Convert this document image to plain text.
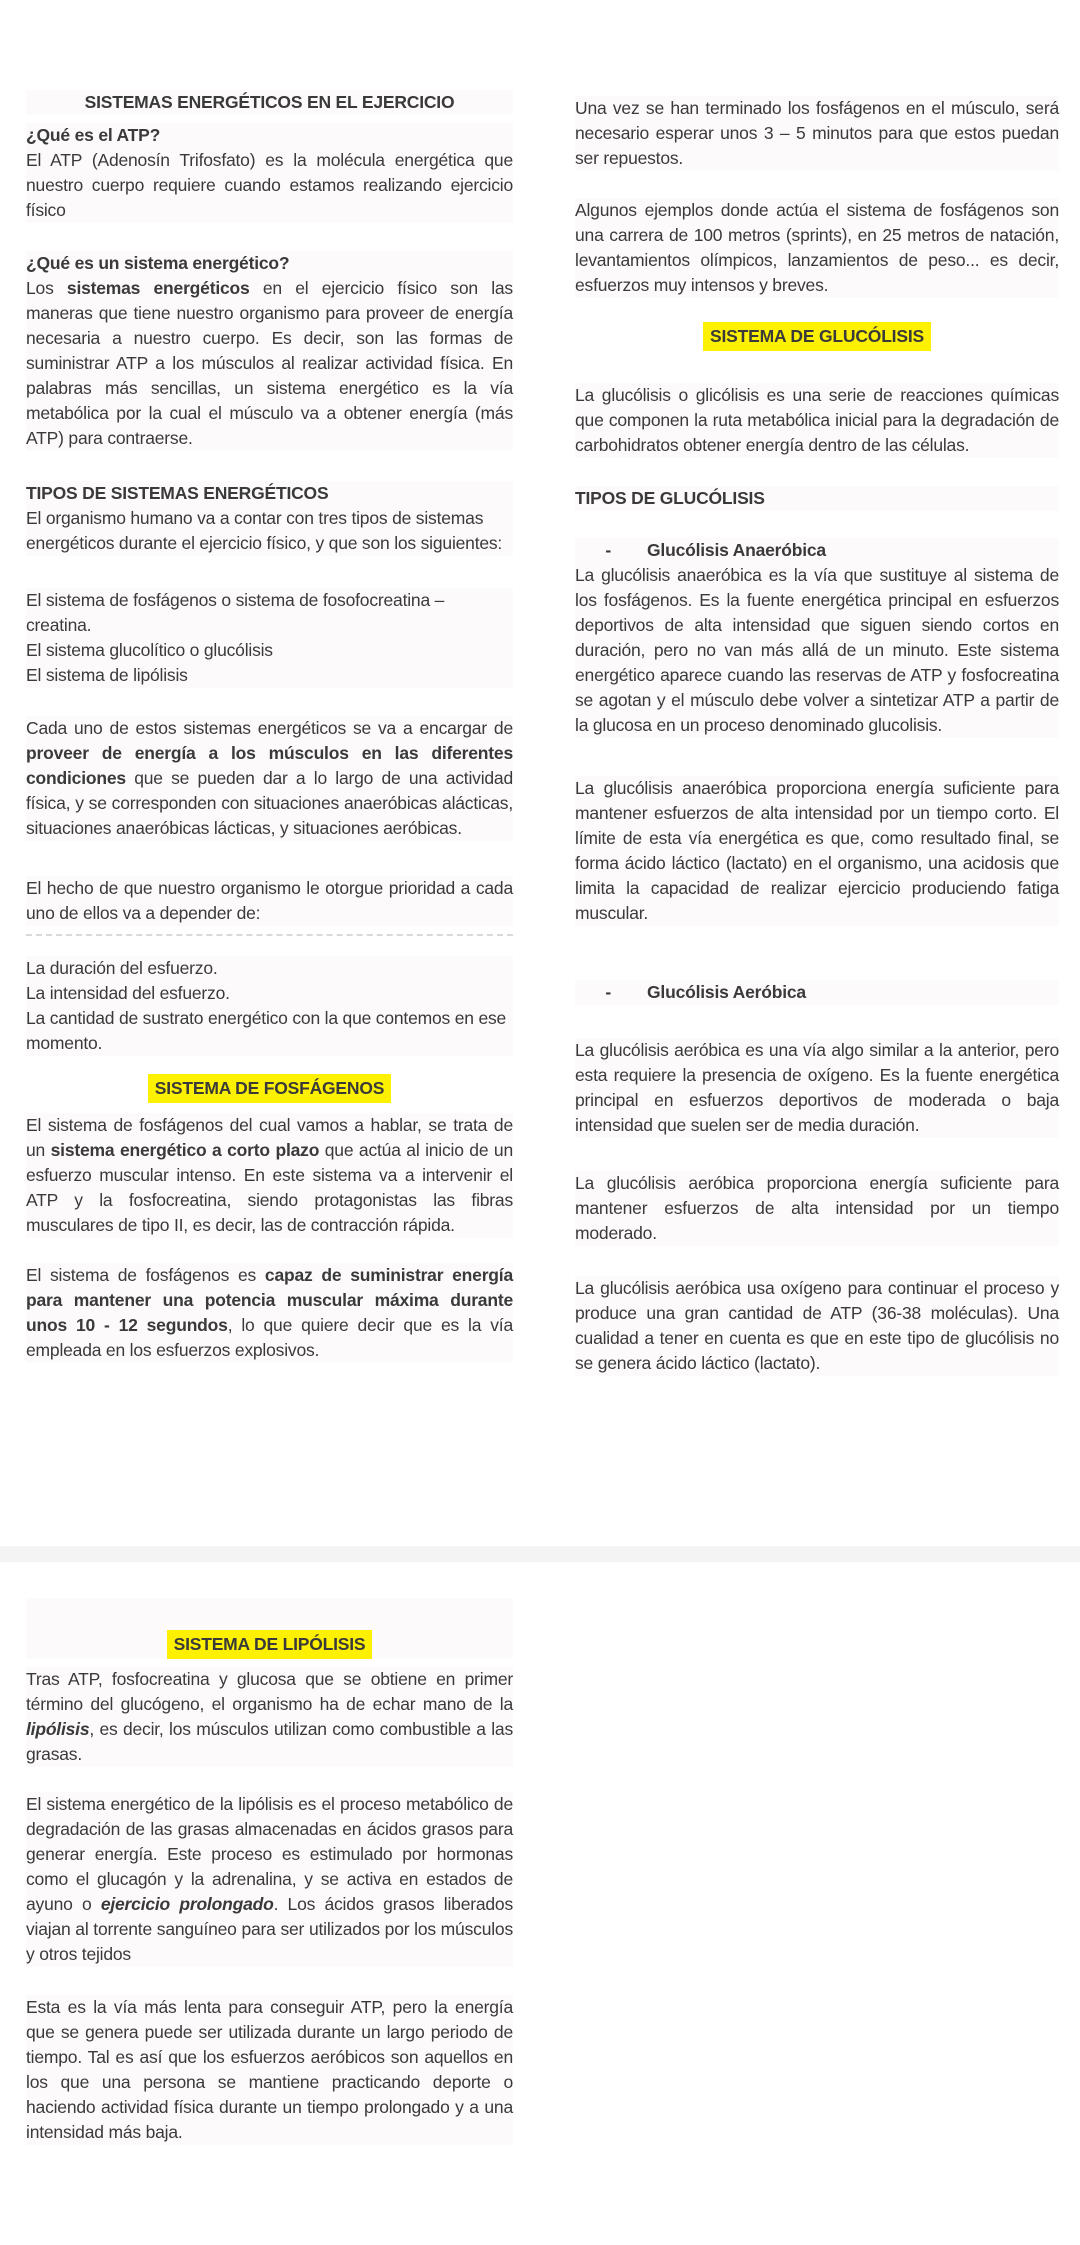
SISTEMAS ENERGÉTICOS EN EL EJERCICIO
¿Qué es el ATP?

El ATP (Adenosín Trifosfato) es la molécula energética que nuestro cuerpo requiere cuando estamos realizando ejercicio físico

¿Qué es un sistema energético?

Los sistemas energéticos en el ejercicio físico son las maneras que tiene nuestro organismo para proveer de energía necesaria a nuestro cuerpo. Es decir, son las formas de suministrar ATP a los músculos al realizar actividad física. En palabras más sencillas, un sistema energético es la vía metabólica por la cual el músculo va a obtener energía (más ATP) para contraerse.

TIPOS DE SISTEMAS ENERGÉTICOS

El organismo humano va a contar con tres tipos de sistemas energéticos durante el ejercicio físico, y que son los siguientes:

El sistema de fosfágenos o sistema de fosofocreatina – creatina.
El sistema glucolítico o glucólisis
El sistema de lipólisis

Cada uno de estos sistemas energéticos se va a encargar de proveer de energía a los músculos en las diferentes condiciones que se pueden dar a lo largo de una actividad física, y se corresponden con situaciones anaeróbicas alácticas, situaciones anaeróbicas lácticas, y situaciones aeróbicas.

El hecho de que nuestro organismo le otorgue prioridad a cada uno de ellos va a depender de:

La duración del esfuerzo.
La intensidad del esfuerzo.
La cantidad de sustrato energético con la que contemos en ese momento.
SISTEMA DE FOSFÁGENOS

El sistema de fosfágenos del cual vamos a hablar, se trata de un sistema energético a corto plazo que actúa al inicio de un esfuerzo muscular intenso. En este sistema va a intervenir el ATP y la fosfocreatina, siendo protagonistas las fibras musculares de tipo II, es decir, las de contracción rápida.

El sistema de fosfágenos es capaz de suministrar energía para mantener una potencia muscular máxima durante unos 10 - 12 segundos, lo que quiere decir que es la vía empleada en los esfuerzos explosivos.

Una vez se han terminado los fosfágenos en el músculo, será necesario esperar unos 3 – 5 minutos para que estos puedan ser repuestos.

Algunos ejemplos donde actúa el sistema de fosfágenos son una carrera de 100 metros (sprints), en 25 metros de natación, levantamientos olímpicos, lanzamientos de peso... es decir, esfuerzos muy intensos y breves.

SISTEMA DE GLUCÓLISIS

La glucólisis o glicólisis es una serie de reacciones químicas que componen la ruta metabólica inicial para la degradación de carbohidratos obtener energía dentro de las células.

TIPOS DE GLUCÓLISIS
- Glucólisis Anaeróbica

La glucólisis anaeróbica es la vía que sustituye al sistema de los fosfágenos. Es la fuente energética principal en esfuerzos deportivos de alta intensidad que siguen siendo cortos en duración, pero no van más allá de un minuto. Este sistema energético aparece cuando las reservas de ATP y fosfocreatina se agotan y el músculo debe volver a sintetizar ATP a partir de la glucosa en un proceso denominado glucolisis.

La glucólisis anaeróbica proporciona energía suficiente para mantener esfuerzos de alta intensidad por un tiempo corto. El límite de esta vía energética es que, como resultado final, se forma ácido láctico (lactato) en el organismo, una acidosis que limita la capacidad de realizar ejercicio produciendo fatiga muscular.

- Glucólisis Aeróbica

La glucólisis aeróbica es una vía algo similar a la anterior, pero esta requiere la presencia de oxígeno. Es la fuente energética principal en esfuerzos deportivos de moderada o baja intensidad que suelen ser de media duración.

La glucólisis aeróbica proporciona energía suficiente para mantener esfuerzos de alta intensidad por un tiempo moderado.

La glucólisis aeróbica usa oxígeno para continuar el proceso y produce una gran cantidad de ATP (36-38 moléculas). Una cualidad a tener en cuenta es que en este tipo de glucólisis no se genera ácido láctico (lactato).

SISTEMA DE LIPÓLISIS

Tras ATP, fosfocreatina y glucosa que se obtiene en primer término del glucógeno, el organismo ha de echar mano de la lipólisis, es decir, los músculos utilizan como combustible a las grasas.

El sistema energético de la lipólisis es el proceso metabólico de degradación de las grasas almacenadas en ácidos grasos para generar energía. Este proceso es estimulado por hormonas como el glucagón y la adrenalina, y se activa en estados de ayuno o ejercicio prolongado. Los ácidos grasos liberados viajan al torrente sanguíneo para ser utilizados por los músculos y otros tejidos

Esta es la vía más lenta para conseguir ATP, pero la energía que se genera puede ser utilizada durante un largo periodo de tiempo. Tal es así que los esfuerzos aeróbicos son aquellos en los que una persona se mantiene practicando deporte o haciendo actividad física durante un tiempo prolongado y a una intensidad más baja.
